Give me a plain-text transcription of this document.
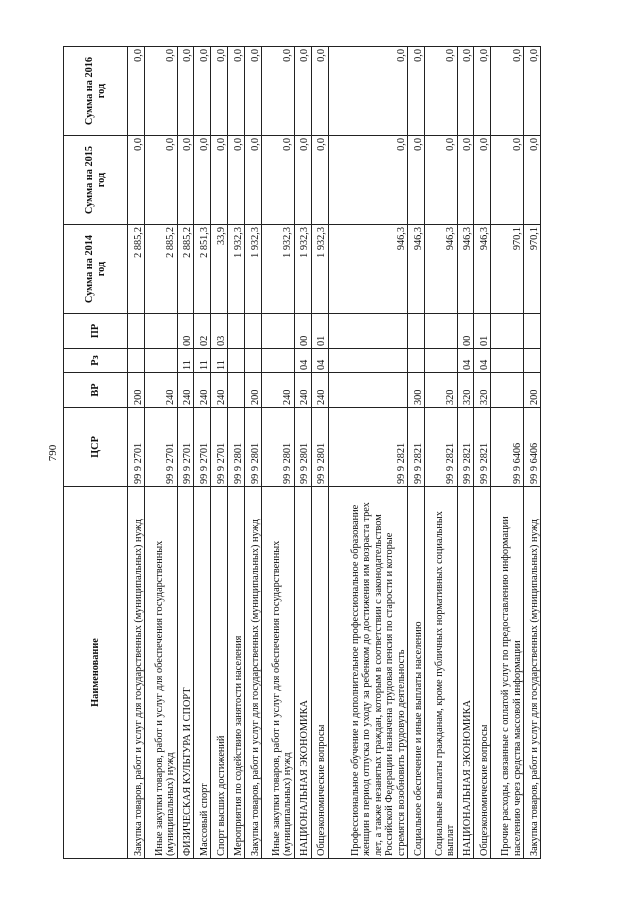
790
Наименование	ЦСР	ВР	Рз	ПР	Сумма на 2014 год	Сумма на 2015 год	Сумма на 2016 год
Закупка товаров, работ и услуг для государственных (муниципальных) нужд	99 9 2701	200			2 885,2	0,0	0,0
Иные закупки товаров, работ и услуг для обеспечения государственных (муниципальных) нужд	99 9 2701	240			2 885,2	0,0	0,0
ФИЗИЧЕСКАЯ КУЛЬТУРА И СПОРТ	99 9 2701	240	11	00	2 885,2	0,0	0,0
Массовый спорт	99 9 2701	240	11	02	2 851,3	0,0	0,0
Спорт высших достижений	99 9 2701	240	11	03	33,9	0,0	0,0
Мероприятия по содействию занятости населения	99 9 2801				1 932,3	0,0	0,0
Закупка товаров, работ и услуг для государственных (муниципальных) нужд	99 9 2801	200			1 932,3	0,0	0,0
Иные закупки товаров, работ и услуг для обеспечения государственных (муниципальных) нужд	99 9 2801	240			1 932,3	0,0	0,0
НАЦИОНАЛЬНАЯ ЭКОНОМИКА	99 9 2801	240	04	00	1 932,3	0,0	0,0
Общеэкономические вопросы	99 9 2801	240	04	01	1 932,3	0,0	0,0
Профессиональное обучение и дополнительное профессиональное образование женщин в период отпуска по уходу за ребенком до достижения им возраста трех лет, а также незанятых граждан, которым в соответствии с законодательством Российской Федерации назначена трудовая пенсия по старости и которые стремятся возобновить трудовую деятельность	99 9 2821				946,3	0,0	0,0
Социальное обеспечение и иные выплаты населению	99 9 2821	300			946,3	0,0	0,0
Социальные выплаты гражданам, кроме публичных нормативных социальных выплат	99 9 2821	320			946,3	0,0	0,0
НАЦИОНАЛЬНАЯ ЭКОНОМИКА	99 9 2821	320	04	00	946,3	0,0	0,0
Общеэкономические вопросы	99 9 2821	320	04	01	946,3	0,0	0,0
Прочие расходы, связанные с оплатой услуг по предоставлению информации населению через средства массовой информации	99 9 6406				970,1	0,0	0,0
Закупка товаров, работ и услуг для государственных (муниципальных) нужд	99 9 6406	200			970,1	0,0	0,0
